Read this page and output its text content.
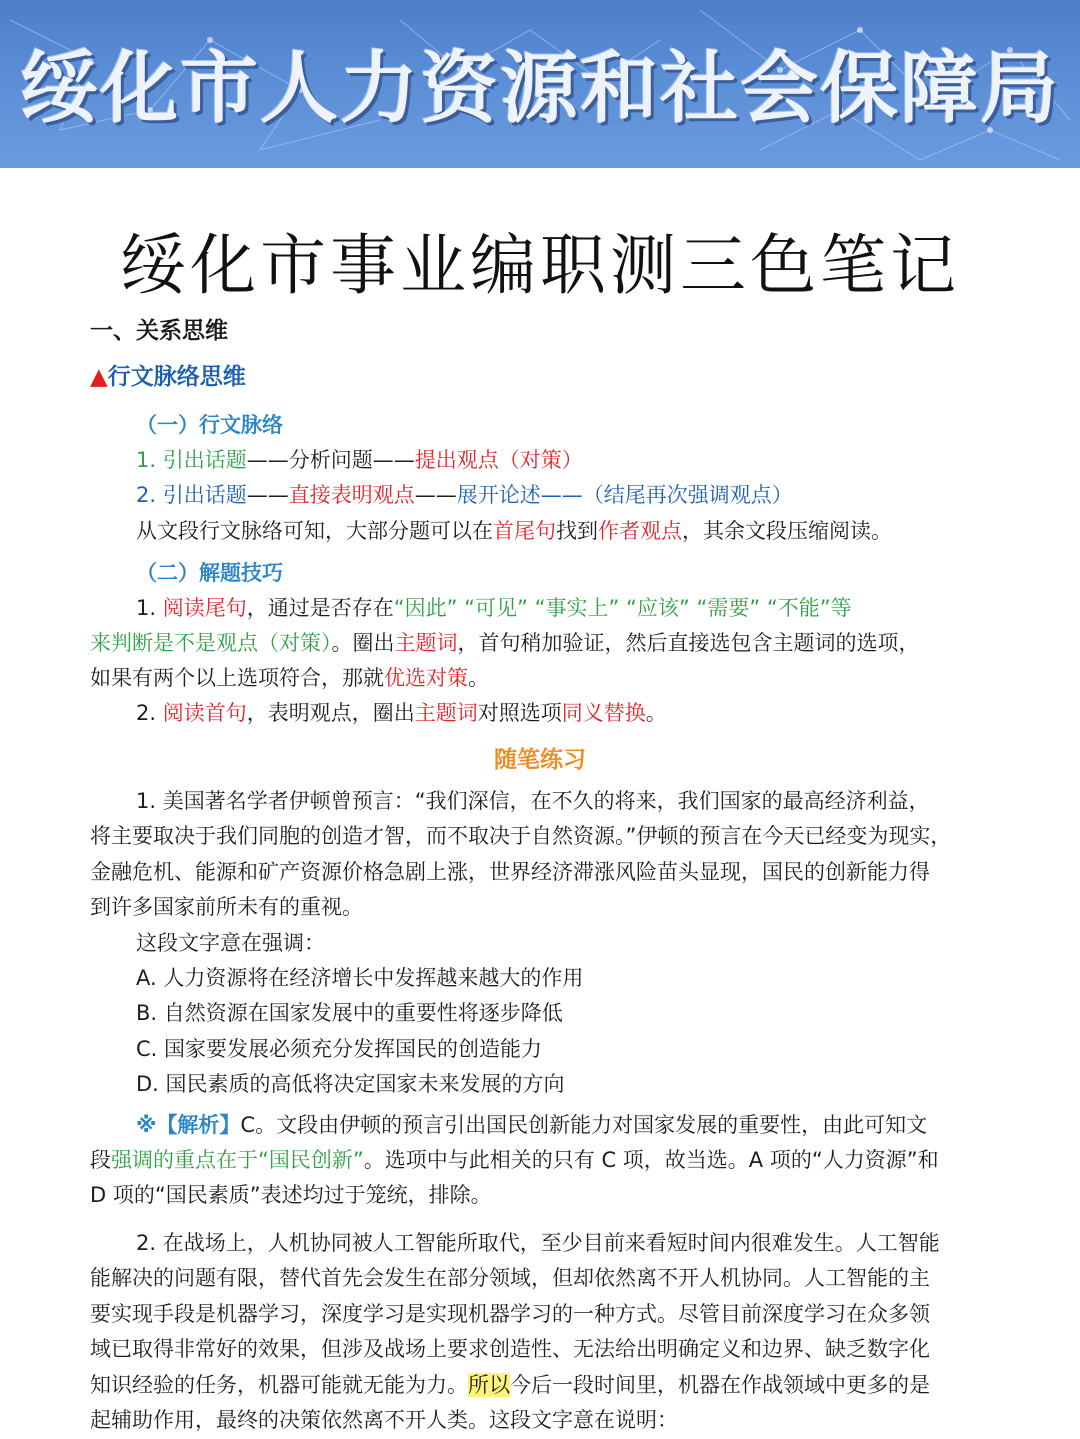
绥化市人力资源和社会保障局
绥化市事业编职测三色笔记
一、关系思维
▲行文脉络思维
（一）行文脉络
1. 引出话题——分析问题——提出观点（对策）
2. 引出话题——直接表明观点——展开论述——（结尾再次强调观点）
从文段行文脉络可知，大部分题可以在首尾句找到作者观点，其余文段压缩阅读。
（二）解题技巧
1. 阅读尾句，通过是否存在“因此” “可见” “事实上” “应该” “需要” “不能”等
来判断是不是观点（对策）。圈出主题词，首句稍加验证，然后直接选包含主题词的选项，
如果有两个以上选项符合，那就优选对策。
2. 阅读首句，表明观点，圈出主题词对照选项同义替换。
随笔练习
1. 美国著名学者伊顿曾预言：“我们深信，在不久的将来，我们国家的最高经济利益，
将主要取决于我们同胞的创造才智，而不取决于自然资源。”伊顿的预言在今天已经变为现实，
金融危机、能源和矿产资源价格急剧上涨，世界经济滞涨风险苗头显现，国民的创新能力得
到许多国家前所未有的重视。
这段文字意在强调：
A. 人力资源将在经济增长中发挥越来越大的作用
B. 自然资源在国家发展中的重要性将逐步降低
C. 国家要发展必须充分发挥国民的创造能力
D. 国民素质的高低将决定国家未来发展的方向
※【解析】C。文段由伊顿的预言引出国民创新能力对国家发展的重要性，由此可知文
段强调的重点在于“国民创新”。选项中与此相关的只有 C 项，故当选。A 项的“人力资源”和
D 项的“国民素质”表述均过于笼统，排除。
2. 在战场上，人机协同被人工智能所取代，至少目前来看短时间内很难发生。人工智能
能解决的问题有限，替代首先会发生在部分领域，但却依然离不开人机协同。人工智能的主
要实现手段是机器学习，深度学习是实现机器学习的一种方式。尽管目前深度学习在众多领
域已取得非常好的效果，但涉及战场上要求创造性、无法给出明确定义和边界、缺乏数字化
知识经验的任务，机器可能就无能为力。所以今后一段时间里，机器在作战领域中更多的是
起辅助作用，最终的决策依然离不开人类。这段文字意在说明：
